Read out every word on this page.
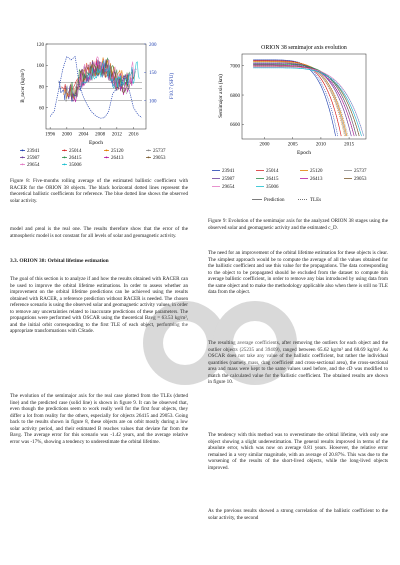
60
80
100
120
100
150
200
1996 2000 2004 2008 2012 2016
Epoch
B_racer (kg/m²)	F10.7 (SFU)
23941	25014	25120	25737
25987	26415	26413	29053
29654	35006

Figure 8: Five-months rolling average of the estimated ballistic coefficient with RACER for the ORION 38 objects. The black horizontal dotted lines represent the theoretical ballistic coefficients for reference. The blue dotted line shows the observed solar activity.

model and ρreal is the real one. The results therefore show that the error of the atmospheric model is not constant for all levels of solar and geomagnetic activity.

3.3. ORION 38: Orbital lifetime estimation

The goal of this section is to analyze if and how the results obtained with RACER can be used to improve the orbital lifetime estimations. In order to assess whether an improvement on the orbital lifetime predictions can be achieved using the results obtained with RACER, a reference prediction without RACER is needed. The chosen reference scenario is using the observed solar and geomagnetic activity values, in order to remove any uncertainties related to inaccurate predictions of these parameters. The propagations were performed with OSCAR using the theoretical Bavg = 63.53 kg/m², and the initial orbit corresponding to the first TLE of each object, performing the appropriate transformations with CStade.

The evolution of the semimajor axis for the real case plotted from the TLEs (dotted line) and the predicted case (solid line) is shown in figure 9. It can be observed that, even though the predictions seem to work really well for the first four objects, they differ a lot from reality for the others, especially for objects 26415 and 29053. Going back to the results shown in figure 8, these objects are on orbit mostly during a low solar activity period, and their estimated B reaches values that deviate far from the Bavg. The average error for this scenario was -1.42 years, and the average relative error was -17%, showing a tendency to underestimate the orbital lifetime.

ORION 38 semimajor axis evolution
6600
6800
7000
2000	2005	2010	2015
Epoch
Semimajor axis (km)
23941	25014	25120	25737
25987	26415	26413	29053
29654	35006
Prediction	TLEs

Figure 9: Evolution of the semimajor axis for the analyzed ORION 38 stages using the observed solar and geomagnetic activity and the estimated c_D.

The need for an improvement of the orbital lifetime estimation for these objects is clear. The simplest approach would be to compute the average of all the values obtained for the ballistic coefficient and use this value for the propagations. The data corresponding to the object to be propagated should be excluded from the dataset to compute this average ballistic coefficient, in order to remove any bias introduced by using data from the same object and to make the methodology applicable also when there is still no TLE data from the object.

The resulting average coefficients, after removing the outliers for each object and the outlier objects (25235 and 39409), ranged between 65.62 kg/m² and 68.69 kg/m². As OSCAR does not take any value of the ballistic coefficient, but rather the individual quantities (namely mass, drag coefficient and cross-sectional area), the cross-sectional area and mass were kept to the same values used before, and the cD was modified to match the calculated value for the ballistic coefficient. The obtained results are shown in figure 10.

The tendency with this method was to overestimate the orbital lifetime, with only one object showing a slight underestimation. The general results improved in terms of the absolute error, which was now on average 0.81 years. However, the relative error remained in a very similar magnitude, with an average of 20.87%. This was due to the worsening of the results of the short-lived objects, while the long-lived objects improved.

As the previous results showed a strong correlation of the ballistic coefficient to the solar activity, the second
